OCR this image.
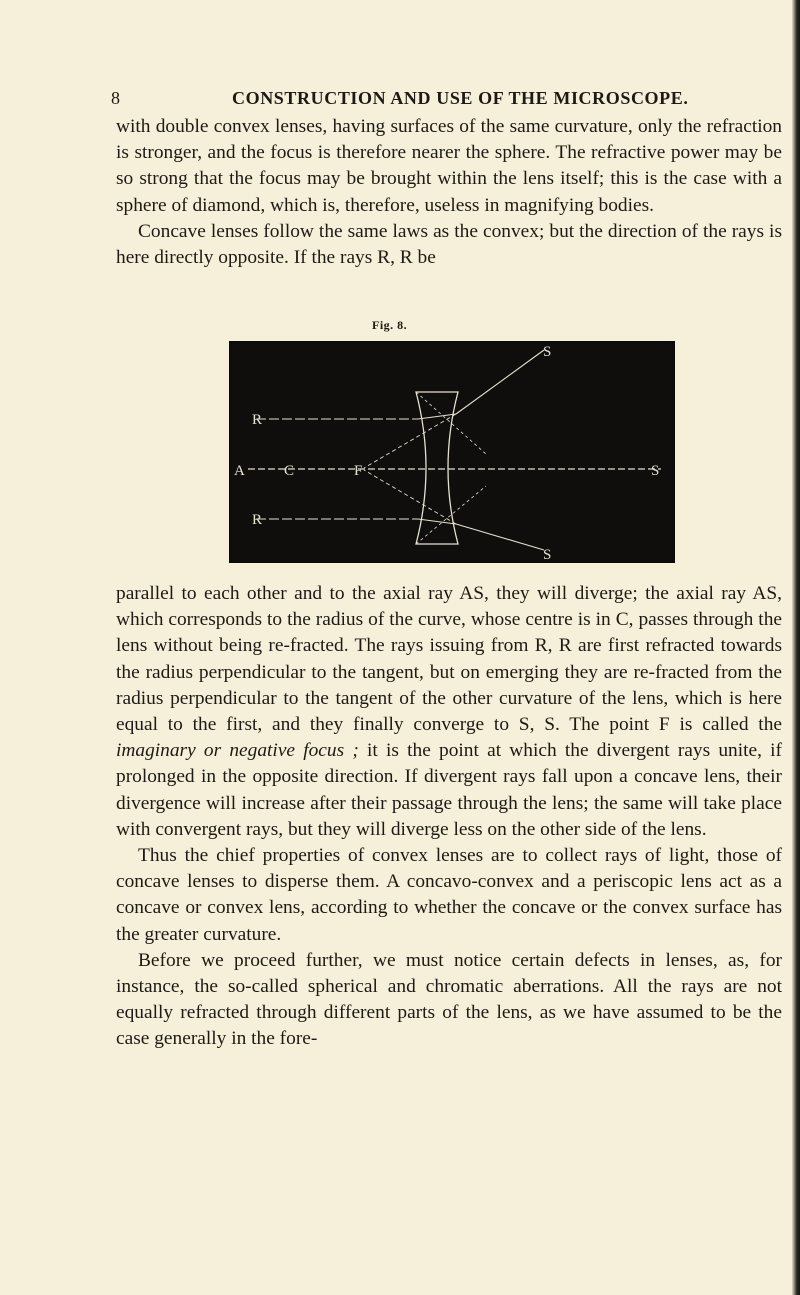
8	CONSTRUCTION AND USE OF THE MICROSCOPE.

with double convex lenses, having surfaces of the same curvature, only the refraction is stronger, and the focus is therefore nearer the sphere. The refractive power may be so strong that the focus may be brought within the lens itself; this is the case with a sphere of diamond, which is, therefore, useless in magnifying bodies.

Concave lenses follow the same laws as the convex; but the direction of the rays is here directly opposite. If the rays R, R be

Fig. 8.
S
R
A	C	F	S
R
S

parallel to each other and to the axial ray AS, they will diverge; the axial ray AS, which corresponds to the radius of the curve, whose centre is in C, passes through the lens without being re-fracted. The rays issuing from R, R are first refracted towards the radius perpendicular to the tangent, but on emerging they are re-fracted from the radius perpendicular to the tangent of the other curvature of the lens, which is here equal to the first, and they finally converge to S, S. The point F is called the imaginary or negative focus ; it is the point at which the divergent rays unite, if prolonged in the opposite direction. If divergent rays fall upon a concave lens, their divergence will increase after their passage through the lens; the same will take place with convergent rays, but they will diverge less on the other side of the lens.

Thus the chief properties of convex lenses are to collect rays of light, those of concave lenses to disperse them. A concavo-convex and a periscopic lens act as a concave or convex lens, according to whether the concave or the convex surface has the greater curvature.

Before we proceed further, we must notice certain defects in lenses, as, for instance, the so-called spherical and chromatic aberrations. All the rays are not equally refracted through different parts of the lens, as we have assumed to be the case generally in the fore-
